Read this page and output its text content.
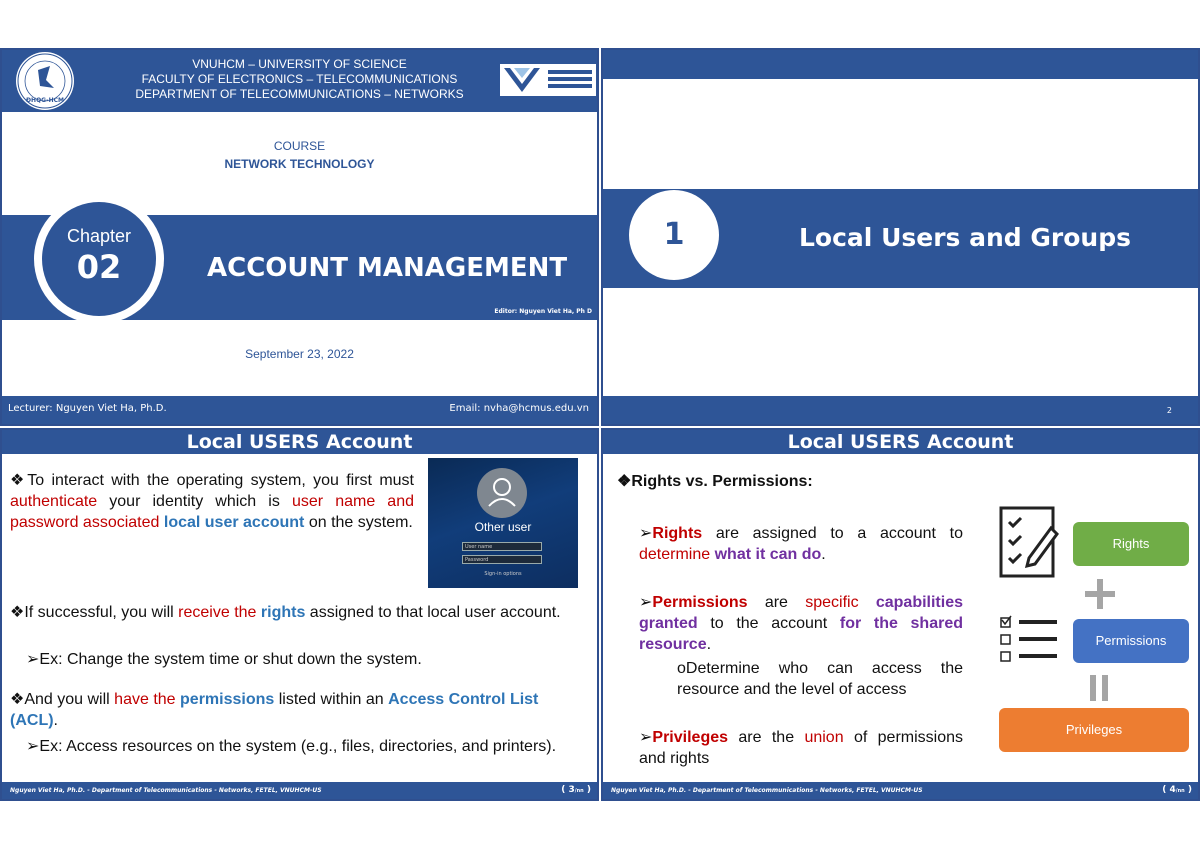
ĐHQG-HCM
VNUHCM – UNIVERSITY OF SCIENCE
FACULTY OF ELECTRONICS – TELECOMMUNICATIONS
DEPARTMENT OF TELECOMMUNICATIONS – NETWORKS
COURSE
NETWORK TECHNOLOGY
Chapter
02	ACCOUNT MANAGEMENT
Editor: Nguyen Viet Ha, Ph D
September 23, 2022
Lecturer: Nguyen Viet Ha, Ph.D.	Email: nvha@hcmus.edu.vn
1	Local Users and Groups
2
Local USERS Account
❖To interact with the operating system, you first must authenticate your identity which is user name and password associated local user account on the system.	Other user
User name
Password
Sign-in options
❖If successful, you will receive the rights assigned to that local user account.
➢Ex: Change the system time or shut down the system.
❖And you will have the permissions listed within an Access Control List (ACL).
➢Ex: Access resources on the system (e.g., files, directories, and printers).
Nguyen Viet Ha, Ph.D. - Department of Telecommunications - Networks, FETEL, VNUHCM-US	( 3/nn )
Local USERS Account
❖Rights vs. Permissions:
➢Rights are assigned to a account to determine what it can do.
➢Permissions are specific capabilities granted to the account for the shared resource.
oDetermine who can access the resource and the level of access
➢Privileges are the union of permissions and rights
Rights
Permissions
Privileges
Nguyen Viet Ha, Ph.D. - Department of Telecommunications - Networks, FETEL, VNUHCM-US	( 4/nn )
